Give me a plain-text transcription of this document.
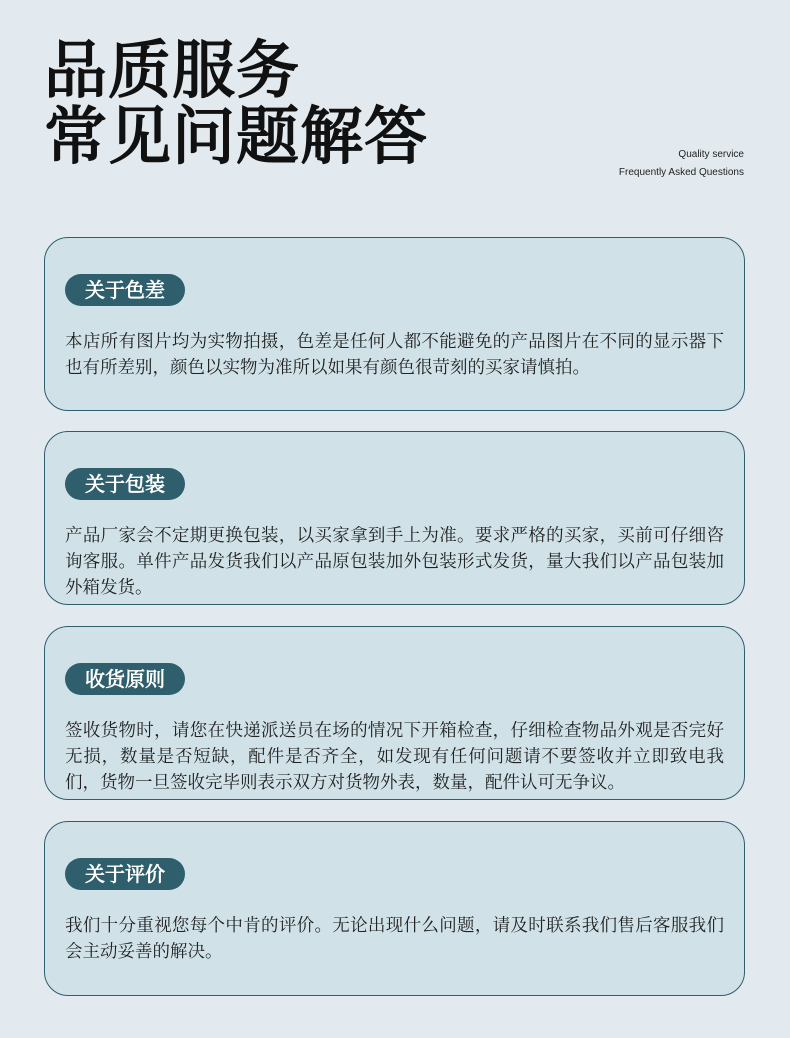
品质服务
常见问题解答	Quality service
Frequently Asked Questions
关于色差
本店所有图片均为实物拍摄，色差是任何人都不能避免的产品图片在不同的显示器下也有所差别，颜色以实物为准所以如果有颜色很苛刻的买家请慎拍。
关于包装
产品厂家会不定期更换包装，以买家拿到手上为准。要求严格的买家，买前可仔细咨询客服。单件产品发货我们以产品原包装加外包装形式发货，量大我们以产品包装加外箱发货。
收货原则
签收货物时，请您在快递派送员在场的情况下开箱检查，仔细检查物品外观是否完好无损，数量是否短缺，配件是否齐全，如发现有任何问题请不要签收并立即致电我们，货物一旦签收完毕则表示双方对货物外表，数量，配件认可无争议。
关于评价
我们十分重视您每个中肯的评价。无论出现什么问题，请及时联系我们售后客服我们会主动妥善的解决。
